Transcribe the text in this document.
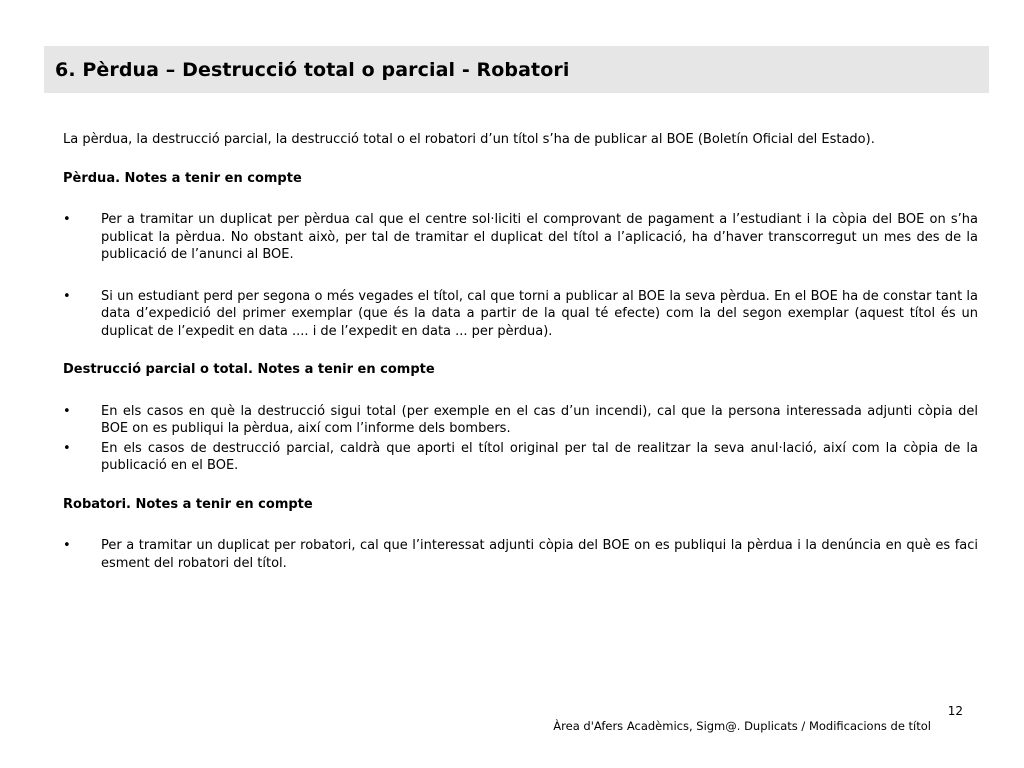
6. Pèrdua – Destrucció total o parcial - Robatori

La pèrdua, la destrucció parcial, la destrucció total o el robatori d’un títol s’ha de publicar al BOE (Boletín Oficial del Estado).

Pèrdua. Notes a tenir en compte

• Per a tramitar un duplicat per pèrdua cal que el centre sol·liciti el comprovant de pagament a l’estudiant i la còpia del BOE on s’ha publicat la pèrdua. No obstant això, per tal de tramitar el duplicat del títol a l’aplicació, ha d’haver transcorregut un mes des de la publicació de l’anunci al BOE.
• Si un estudiant perd per segona o més vegades el títol, cal que torni a publicar al BOE la seva pèrdua. En el BOE ha de constar tant la data d’expedició del primer exemplar (que és la data a partir de la qual té efecte) com la del segon exemplar (aquest títol és un duplicat de l’expedit en data .... i de l’expedit en data ... per pèrdua).

Destrucció parcial o total. Notes a tenir en compte

• En els casos en què la destrucció sigui total (per exemple en el cas d’un incendi), cal que la persona interessada adjunti còpia del BOE on es publiqui la pèrdua, així com l’informe dels bombers.
• En els casos de destrucció parcial, caldrà que aporti el títol original per tal de realitzar la seva anul·lació, així com la còpia de la publicació en el BOE.

Robatori. Notes a tenir en compte

• Per a tramitar un duplicat per robatori, cal que l’interessat adjunti còpia del BOE on es publiqui la pèrdua i la denúncia en què es faci esment del robatori del títol.
12
Àrea d'Afers Acadèmics, Sigm@. Duplicats / Modificacions de títol
